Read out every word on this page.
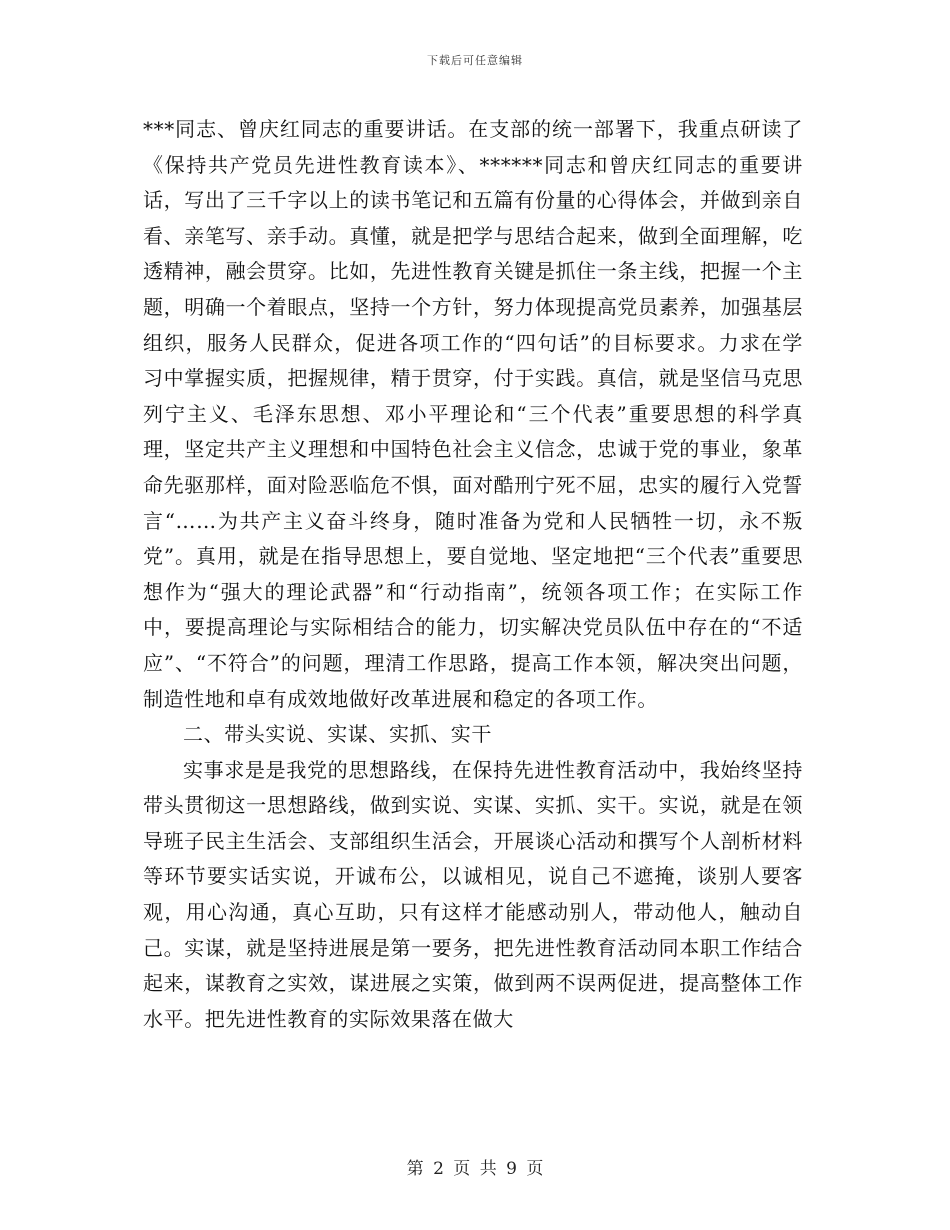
下载后可任意编辑

***同志、曾庆红同志的重要讲话。在支部的统一部署下，我重点研读了《保持共产党员先进性教育读本》、******同志和曾庆红同志的重要讲话，写出了三千字以上的读书笔记和五篇有份量的心得体会，并做到亲自看、亲笔写、亲手动。真懂，就是把学与思结合起来，做到全面理解，吃透精神，融会贯穿。比如，先进性教育关键是抓住一条主线，把握一个主题，明确一个着眼点，坚持一个方针，努力体现提高党员素养，加强基层组织，服务人民群众，促进各项工作的“四句话”的目标要求。力求在学习中掌握实质，把握规律，精于贯穿，付于实践。真信，就是坚信马克思列宁主义、毛泽东思想、邓小平理论和“三个代表”重要思想的科学真理，坚定共产主义理想和中国特色社会主义信念，忠诚于党的事业，象革命先驱那样，面对险恶临危不惧，面对酷刑宁死不屈，忠实的履行入党誓言“……为共产主义奋斗终身，随时准备为党和人民牺牲一切，永不叛党”。真用，就是在指导思想上，要自觉地、坚定地把“三个代表”重要思想作为“强大的理论武器”和“行动指南”，统领各项工作；在实际工作中，要提高理论与实际相结合的能力，切实解决党员队伍中存在的“不适应”、“不符合”的问题，理清工作思路，提高工作本领，解决突出问题，制造性地和卓有成效地做好改革进展和稳定的各项工作。

二、带头实说、实谋、实抓、实干

实事求是是我党的思想路线，在保持先进性教育活动中，我始终坚持带头贯彻这一思想路线，做到实说、实谋、实抓、实干。实说，就是在领导班子民主生活会、支部组织生活会，开展谈心活动和撰写个人剖析材料等环节要实话实说，开诚布公，以诚相见，说自己不遮掩，谈别人要客观，用心沟通，真心互助，只有这样才能感动别人，带动他人，触动自己。实谋，就是坚持进展是第一要务，把先进性教育活动同本职工作结合起来，谋教育之实效，谋进展之实策，做到两不误两促进，提高整体工作水平。把先进性教育的实际效果落在做大

第 2 页 共 9 页
